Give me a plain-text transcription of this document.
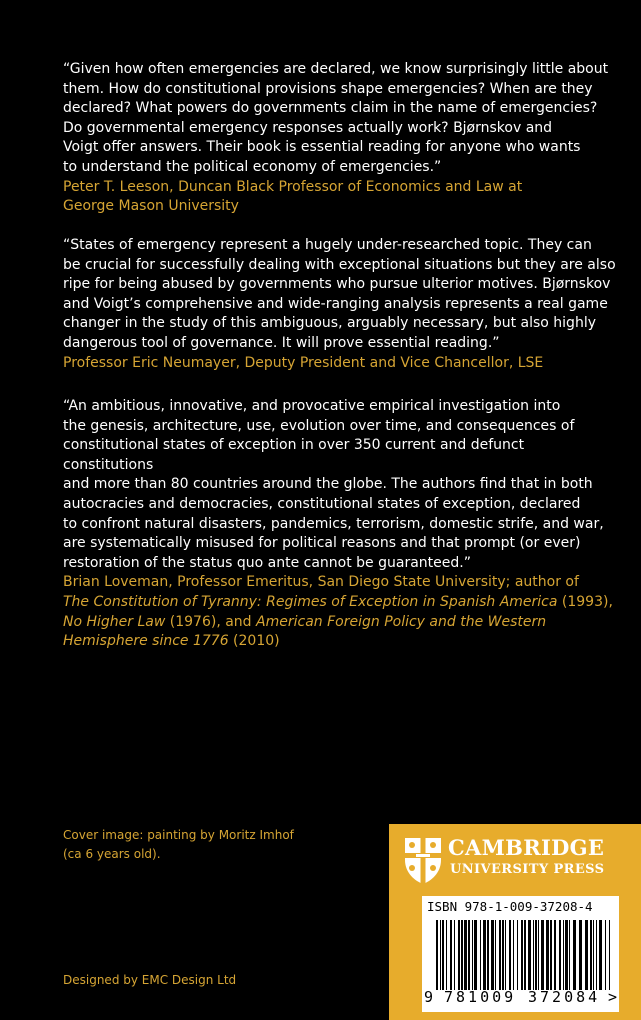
“Given how often emergencies are declared, we know surprisingly little about

them. How do constitutional provisions shape emergencies? When are they

declared? What powers do governments claim in the name of emergencies?

Do governmental emergency responses actually work? Bjørnskov and

Voigt offer answers. Their book is essential reading for anyone who wants

to understand the political economy of emergencies.”

Peter T. Leeson, Duncan Black Professor of Economics and Law at

George Mason University

“States of emergency represent a hugely under-researched topic. They can

be crucial for successfully dealing with exceptional situations but they are also

ripe for being abused by governments who pursue ulterior motives. Bjørnskov

and Voigt’s comprehensive and wide-ranging analysis represents a real game

changer in the study of this ambiguous, arguably necessary, but also highly

dangerous tool of governance. It will prove essential reading.”

Professor Eric Neumayer, Deputy President and Vice Chancellor, LSE

“An ambitious, innovative, and provocative empirical investigation into

the genesis, architecture, use, evolution over time, and consequences of

constitutional states of exception in over 350 current and defunct constitutions

and more than 80 countries around the globe. The authors find that in both

autocracies and democracies, constitutional states of exception, declared

to confront natural disasters, pandemics, terrorism, domestic strife, and war,

are systematically misused for political reasons and that prompt (or ever)

restoration of the status quo ante cannot be guaranteed.”

Brian Loveman, Professor Emeritus, San Diego State University; author of

The Constitution of Tyranny: Regimes of Exception in Spanish America (1993),

No Higher Law (1976), and American Foreign Policy and the Western

Hemisphere since 1776 (2010)

Cover image: painting by Moritz Imhof
(ca 6 years old).
Designed by EMC Design Ltd
CAMBRIDGE
UNIVERSITY PRESS
ISBN 978-1-009-37208-4
9 781009 372084 >
